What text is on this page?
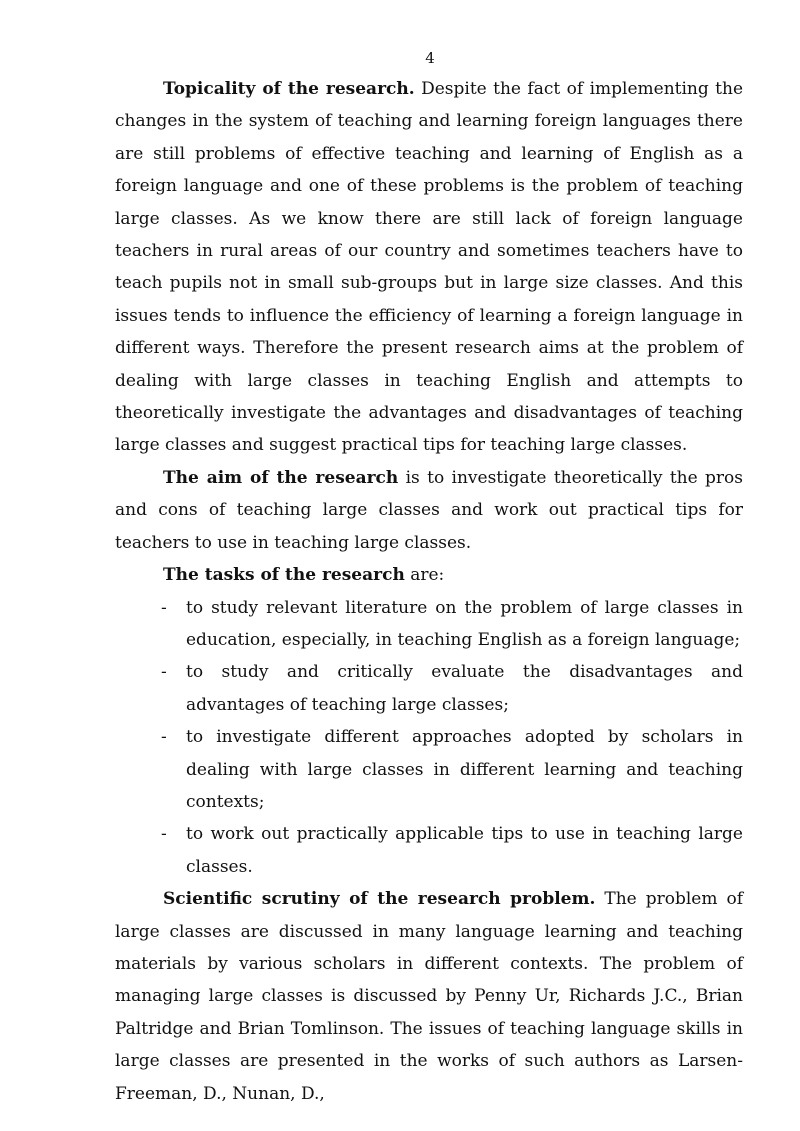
4

Topicality of the research. Despite the fact of implementing the changes in the system of teaching and learning foreign languages there are still problems of effective teaching and learning of English as a foreign language and one of these problems is the problem of teaching large classes. As we know there are still lack of foreign language teachers in rural areas of our country and sometimes teachers have to teach pupils not in small sub-groups but in large size classes. And this issues tends to influence the efficiency of learning a foreign language in different ways. Therefore the present research aims at the problem of dealing with large classes in teaching English and attempts to theoretically investigate the advantages and disadvantages of teaching large classes and suggest practical tips for teaching large classes.

The aim of the research is to investigate theoretically the pros and cons of teaching large classes and work out practical tips for teachers to use in teaching large classes.

The tasks of the research are:

- to study relevant literature on the problem of large classes in education, especially, in teaching English as a foreign language;
- to study and critically evaluate the disadvantages and advantages of teaching large classes;
- to investigate different approaches adopted by scholars in dealing with large classes in different learning and teaching contexts;
- to work out practically applicable tips to use in teaching large classes.

Scientific scrutiny of the research problem. The problem of large classes are discussed in many language learning and teaching materials by various scholars in different contexts. The problem of managing large classes is discussed by Penny Ur, Richards J.C., Brian Paltridge and Brian Tomlinson. The issues of teaching language skills in large classes are presented in the works of such authors as Larsen-Freeman, D., Nunan, D.,
